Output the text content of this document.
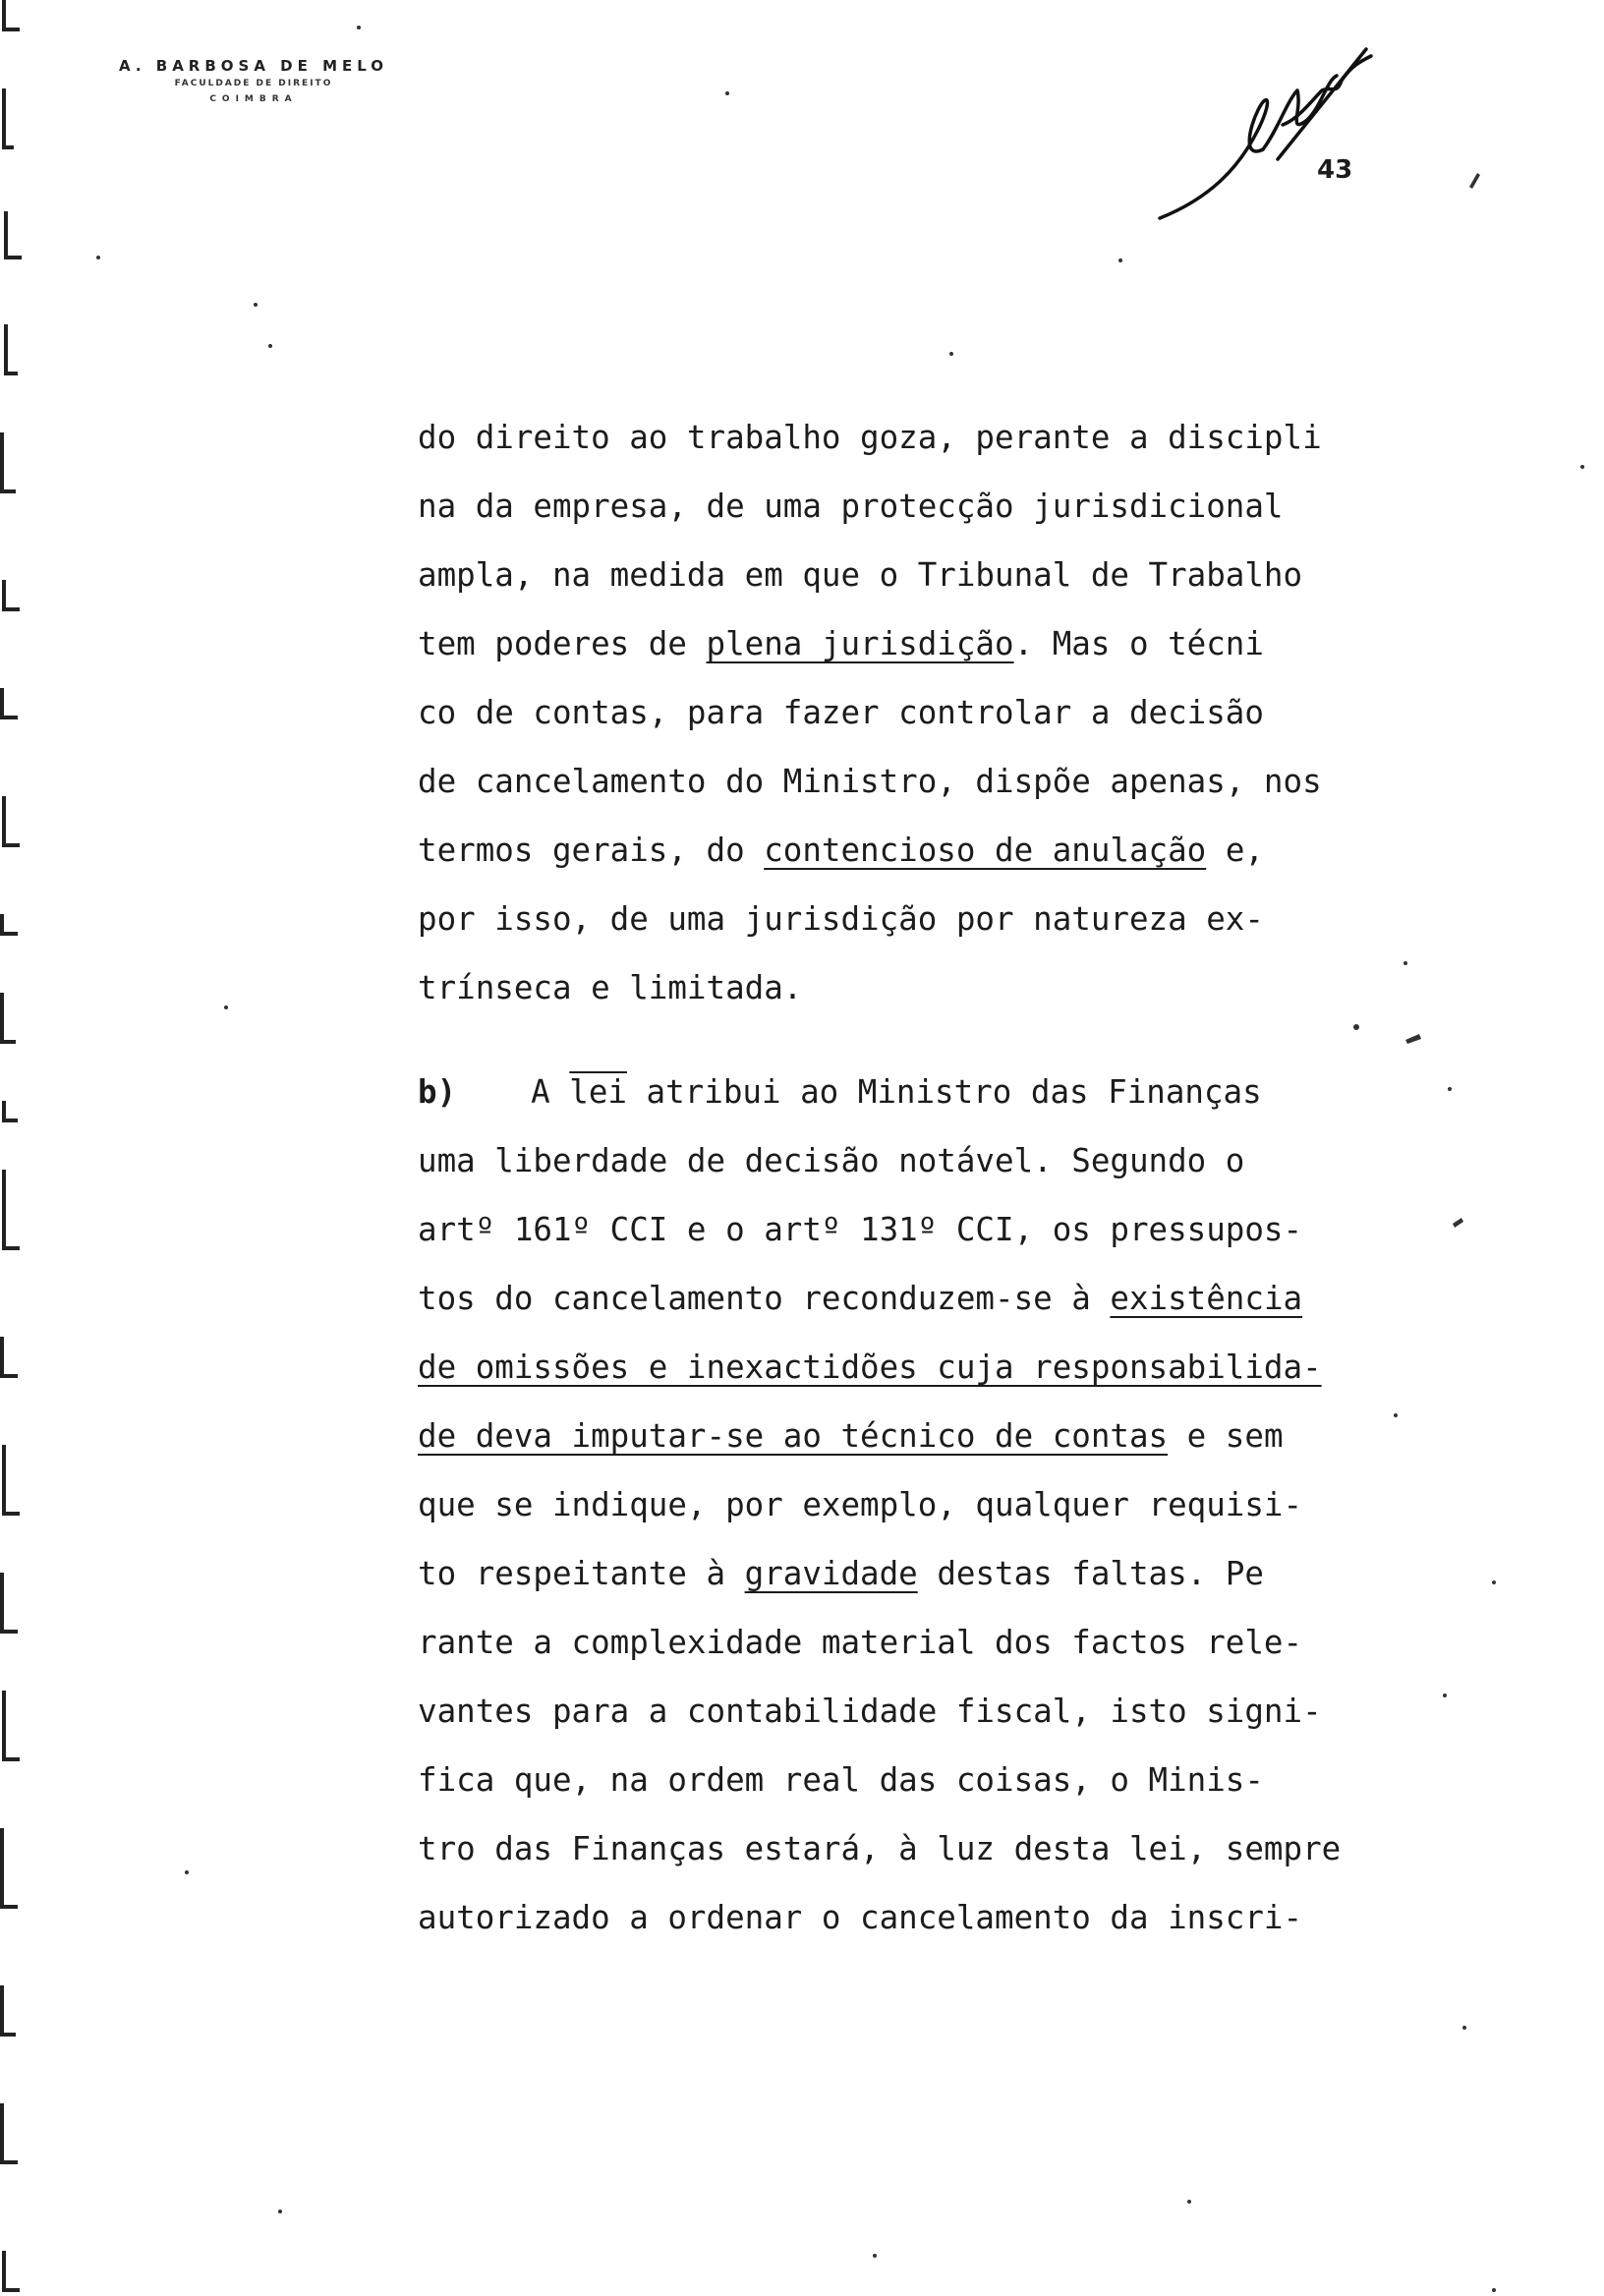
A. BARBOSA DE MELO
FACULDADE DE DIREITO
COIMBRA
43
do direito ao trabalho goza, perante a discipli
na da empresa, de uma protecção jurisdicional
ampla, na medida em que o Tribunal de Trabalho
tem poderes de plena jurisdição. Mas o técni
co de contas, para fazer controlar a decisão
de cancelamento do Ministro, dispõe apenas, nos
termos gerais, do contencioso de anulação e,
por isso, de uma jurisdição por natureza ex-
trínseca e limitada.
b) A $\overline{lei}$ atribui ao Ministro das Finanças
uma liberdade de decisão notável. Segundo o
artº 161º CCI e o artº 131º CCI, os pressupos-
tos do cancelamento reconduzem-se à existência
de omissões e inexactidões cuja responsabilida-
de deva imputar-se ao técnico de contas e sem
que se indique, por exemplo, qualquer requisi-
to respeitante à gravidade destas faltas. Pe
rante a complexidade material dos factos rele-
vantes para a contabilidade fiscal, isto signi-
fica que, na ordem real das coisas, o Minis-
tro das Finanças estará, à luz desta lei, sempre
autorizado a ordenar o cancelamento da inscri-
